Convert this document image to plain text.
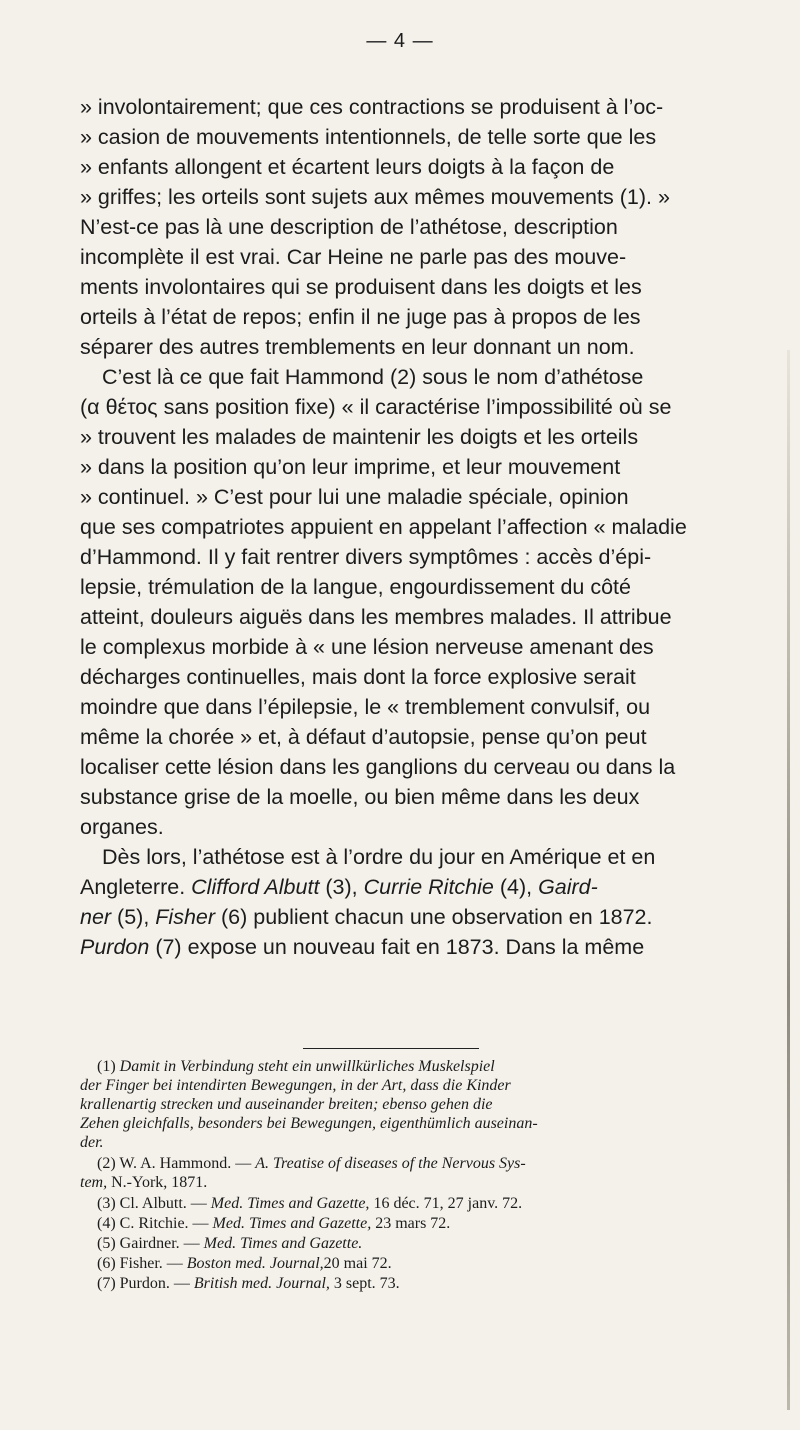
— 4 —
» involontairement; que ces contractions se produisent à l’oc-
» casion de mouvements intentionnels, de telle sorte que les
» enfants allongent et écartent leurs doigts à la façon de
» griffes; les orteils sont sujets aux mêmes mouvements (1). »
N’est-ce pas là une description de l’athétose, description
incomplète il est vrai. Car Heine ne parle pas des mouve-
ments involontaires qui se produisent dans les doigts et les
orteils à l’état de repos; enfin il ne juge pas à propos de les
séparer des autres tremblements en leur donnant un nom.
C’est là ce que fait Hammond (2) sous le nom d’athétose
(α θέτος sans position fixe) « il caractérise l’impossibilité où se
» trouvent les malades de maintenir les doigts et les orteils
» dans la position qu’on leur imprime, et leur mouvement
» continuel. » C’est pour lui une maladie spéciale, opinion
que ses compatriotes appuient en appelant l’affection « maladie
d’Hammond. Il y fait rentrer divers symptômes : accès d’épi-
lepsie, trémulation de la langue, engourdissement du côté
atteint, douleurs aiguës dans les membres malades. Il attribue
le complexus morbide à « une lésion nerveuse amenant des
décharges continuelles, mais dont la force explosive serait
moindre que dans l’épilepsie, le « tremblement convulsif, ou
même la chorée » et, à défaut d’autopsie, pense qu’on peut
localiser cette lésion dans les ganglions du cerveau ou dans la
substance grise de la moelle, ou bien même dans les deux
organes.
Dès lors, l’athétose est à l’ordre du jour en Amérique et en
Angleterre. Clifford Albutt (3), Currie Ritchie (4), Gaird-
ner (5), Fisher (6) publient chacun une observation en 1872.
Purdon (7) expose un nouveau fait en 1873. Dans la même
(1) Damit in Verbindung steht ein unwillkürliches Muskelspiel
der Finger bei intendirten Bewegungen, in der Art, dass die Kinder
krallenartig strecken und auseinander breiten; ebenso gehen die
Zehen gleichfalls, besonders bei Bewegungen, eigenthümlich auseinan-
der.
(2) W. A. Hammond. — A. Treatise of diseases of the Nervous Sys-
tem, N.-York, 1871.
(3) Cl. Albutt. — Med. Times and Gazette, 16 déc. 71, 27 janv. 72.
(4) C. Ritchie. — Med. Times and Gazette, 23 mars 72.
(5) Gairdner. — Med. Times and Gazette.
(6) Fisher. — Boston med. Journal,20 mai 72.
(7) Purdon. — British med. Journal, 3 sept. 73.
